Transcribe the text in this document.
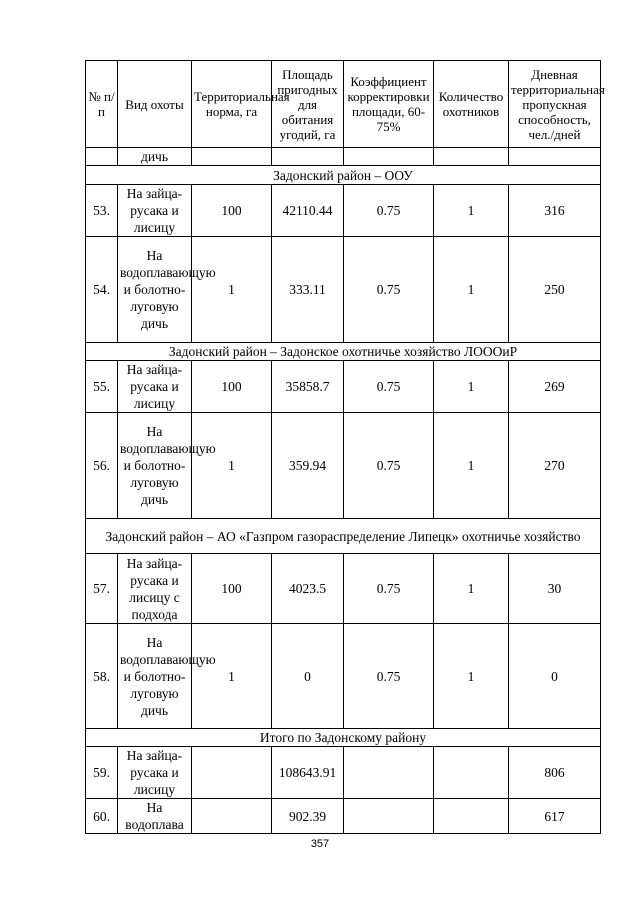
№ п/п	Вид охоты	Территориальная норма, га	Площадь пригодных для обитания угодий, га	Коэффициент корректировки площади, 60-75%	Количество охотников	Дневная территориальная пропускная способность, чел./дней
	дичь					
Задонский район – ООУ						
53.	На зайца-русака и лисицу	100	42110.44	0.75	1	316
54.	На водоплавающую и болотно-луговую дичь	1	333.11	0.75	1	250
Задонский район – Задонское охотничье хозяйство ЛОООиР						
55.	На зайца-русака и лисицу	100	35858.7	0.75	1	269
56.	На водоплавающую и болотно-луговую дичь	1	359.94	0.75	1	270
Задонский район – АО «Газпром газораспределение Липецк» охотничье хозяйство						
57.	На зайца-русака и лисицу с подхода	100	4023.5	0.75	1	30
58.	На водоплавающую и болотно-луговую дичь	1	0	0.75	1	0
Итого по Задонскому району						
59.	На зайца-русака и лисицу		108643.91			806
60.	На водоплава		902.39			617
357
